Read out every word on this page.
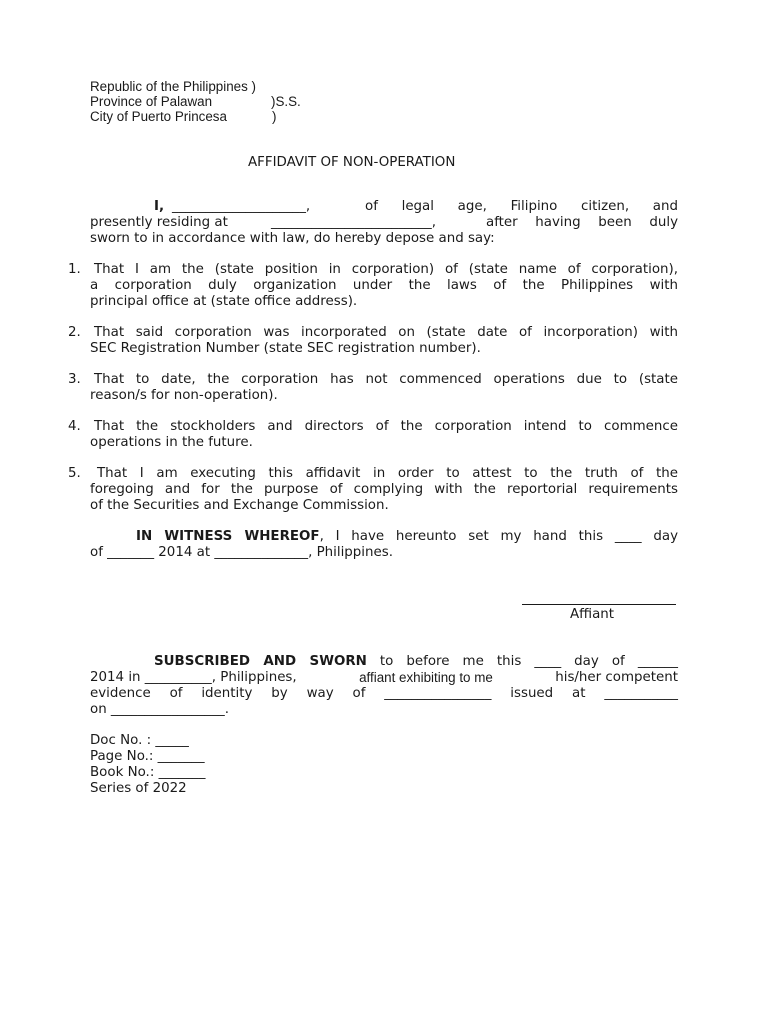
Republic of the Philippines )
Province of Palawan	)S.S.
City of Puerto Princesa	)
AFFIDAVIT OF NON-OPERATION
I, ____________________,	of legal age, Filipino citizen, and
presently residing at	________________________,	after having been duly
sworn to in accordance with law, do hereby depose and say:
1. That I am the (state position in corporation) of (state name of corporation),
a corporation duly organization under the laws of the Philippines with
principal office at (state office address).
2. That said corporation was incorporated on (state date of incorporation) with
SEC Registration Number (state SEC registration number).
3. That to date, the corporation has not commenced operations due to (state
reason/s for non-operation).
4. That the stockholders and directors of the corporation intend to commence
operations in the future.
5. That I am executing this affidavit in order to attest to the truth of the
foregoing and for the purpose of complying with the reportorial requirements
of the Securities and Exchange Commission.
IN WITNESS WHEREOF, I have hereunto set my hand this ____ day
of _______ 2014 at ______________, Philippines.
Affiant
SUBSCRIBED AND SWORN to before me this ____ day of ______
2014 in __________, Philippines,	affiant exhibiting to me	his/her competent
evidence of identity by way of ________________ issued at ___________
on _________________.
Doc No. : _____
Page No.: _______
Book No.: _______
Series of 2022
